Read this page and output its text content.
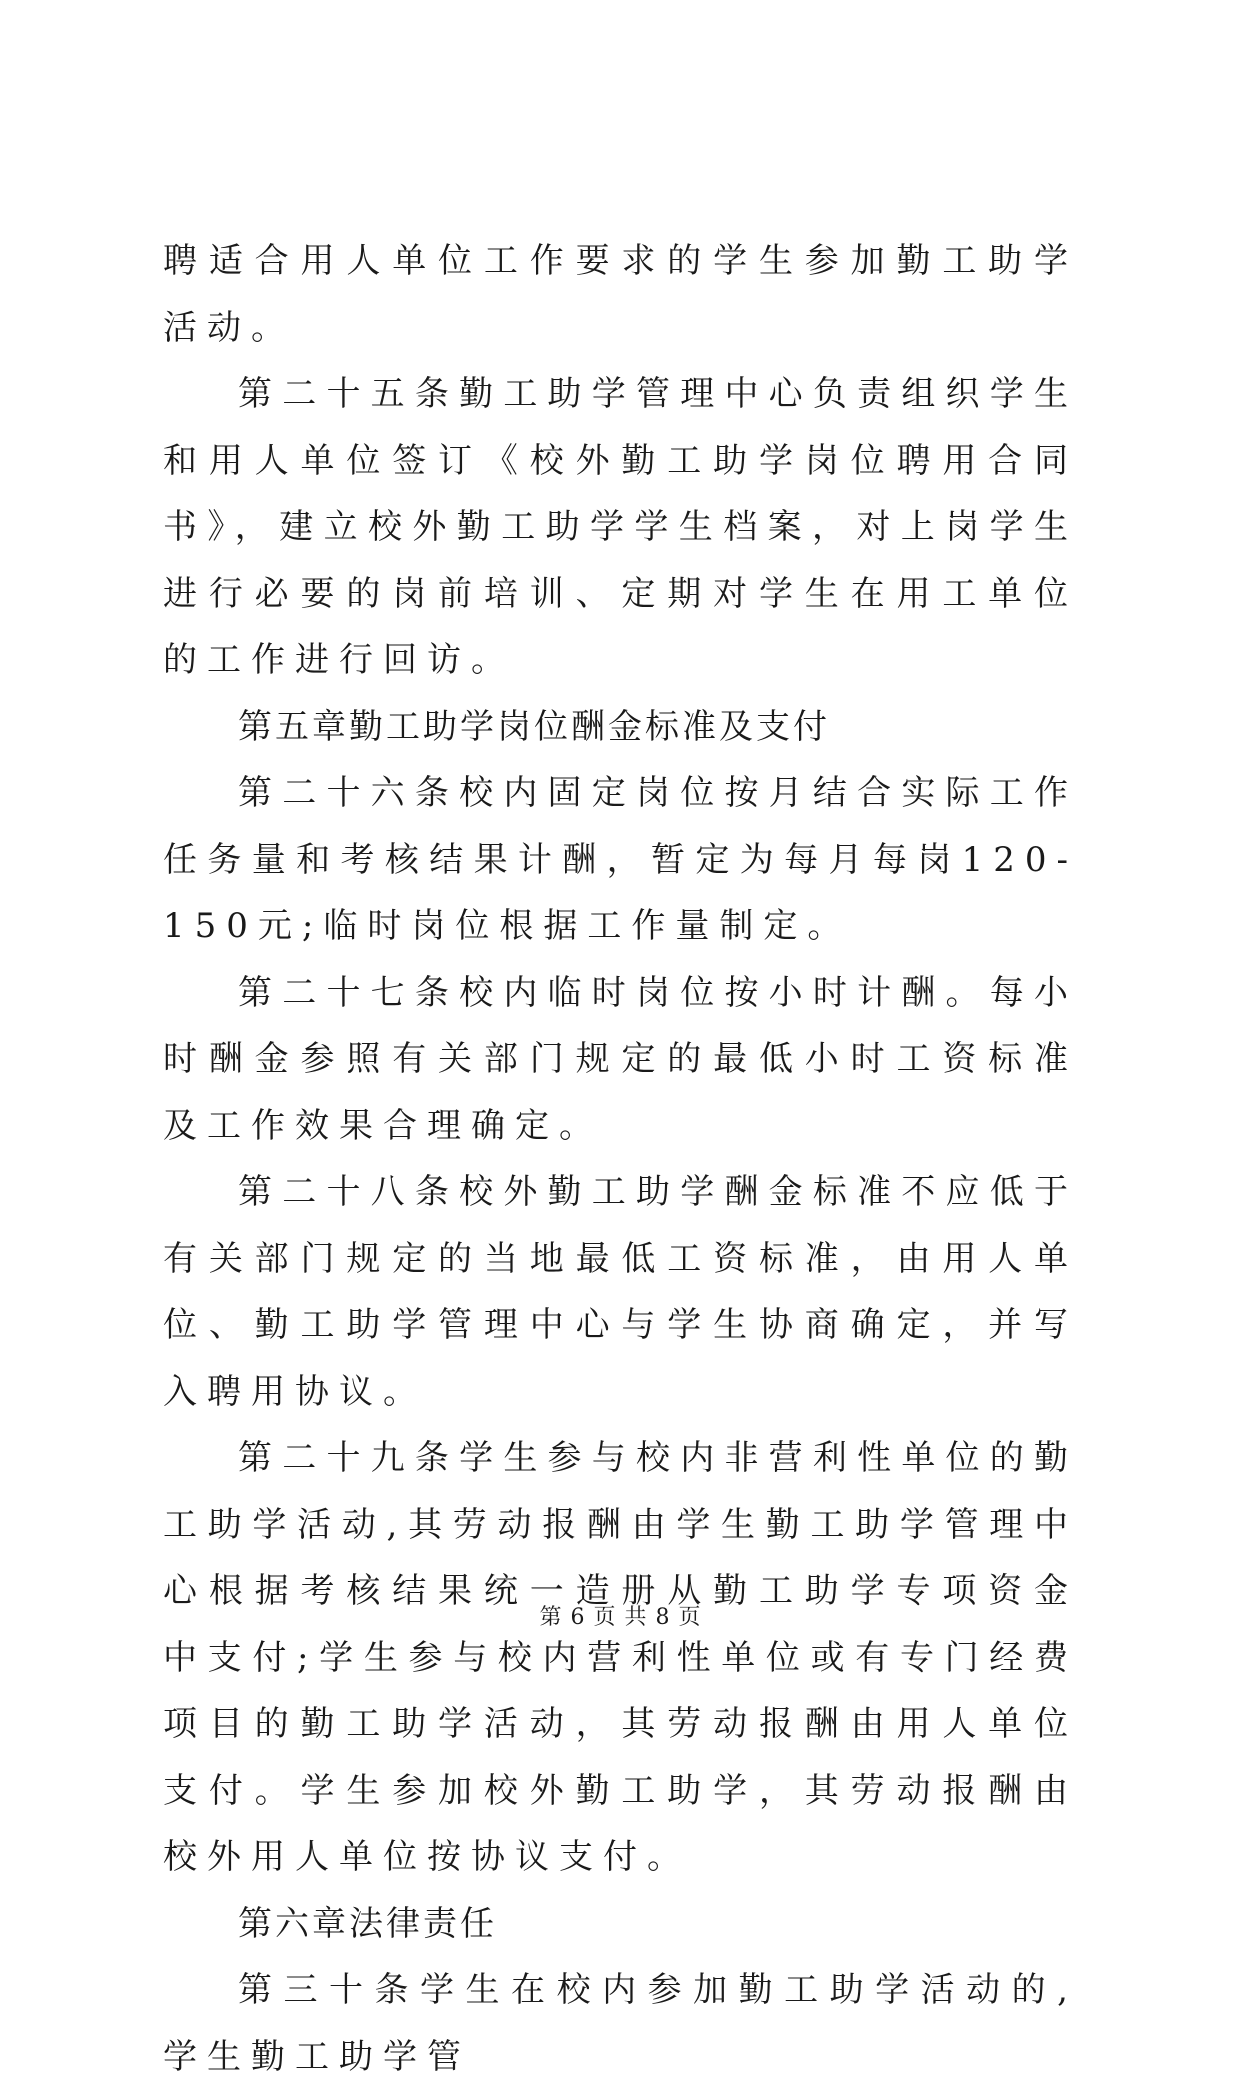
聘适合用人单位工作要求的学生参加勤工助学活动。

第二十五条勤工助学管理中心负责组织学生和用人单位签订《校外勤工助学岗位聘用合同书》，建立校外勤工助学学生档案，对上岗学生进行必要的岗前培训、定期对学生在用工单位的工作进行回访。

第五章勤工助学岗位酬金标准及支付

第二十六条校内固定岗位按月结合实际工作任务量和考核结果计酬，暂定为每月每岗120-150元;临时岗位根据工作量制定。

第二十七条校内临时岗位按小时计酬。每小时酬金参照有关部门规定的最低小时工资标准及工作效果合理确定。

第二十八条校外勤工助学酬金标准不应低于有关部门规定的当地最低工资标准，由用人单位、勤工助学管理中心与学生协商确定，并写入聘用协议。

第二十九条学生参与校内非营利性单位的勤工助学活动,其劳动报酬由学生勤工助学管理中心根据考核结果统一造册从勤工助学专项资金中支付;学生参与校内营利性单位或有专门经费项目的勤工助学活动，其劳动报酬由用人单位支付。学生参加校外勤工助学，其劳动报酬由校外用人单位按协议支付。

第六章法律责任

第三十条学生在校内参加勤工助学活动的,学生勤工助学管

第 6 页 共 8 页
